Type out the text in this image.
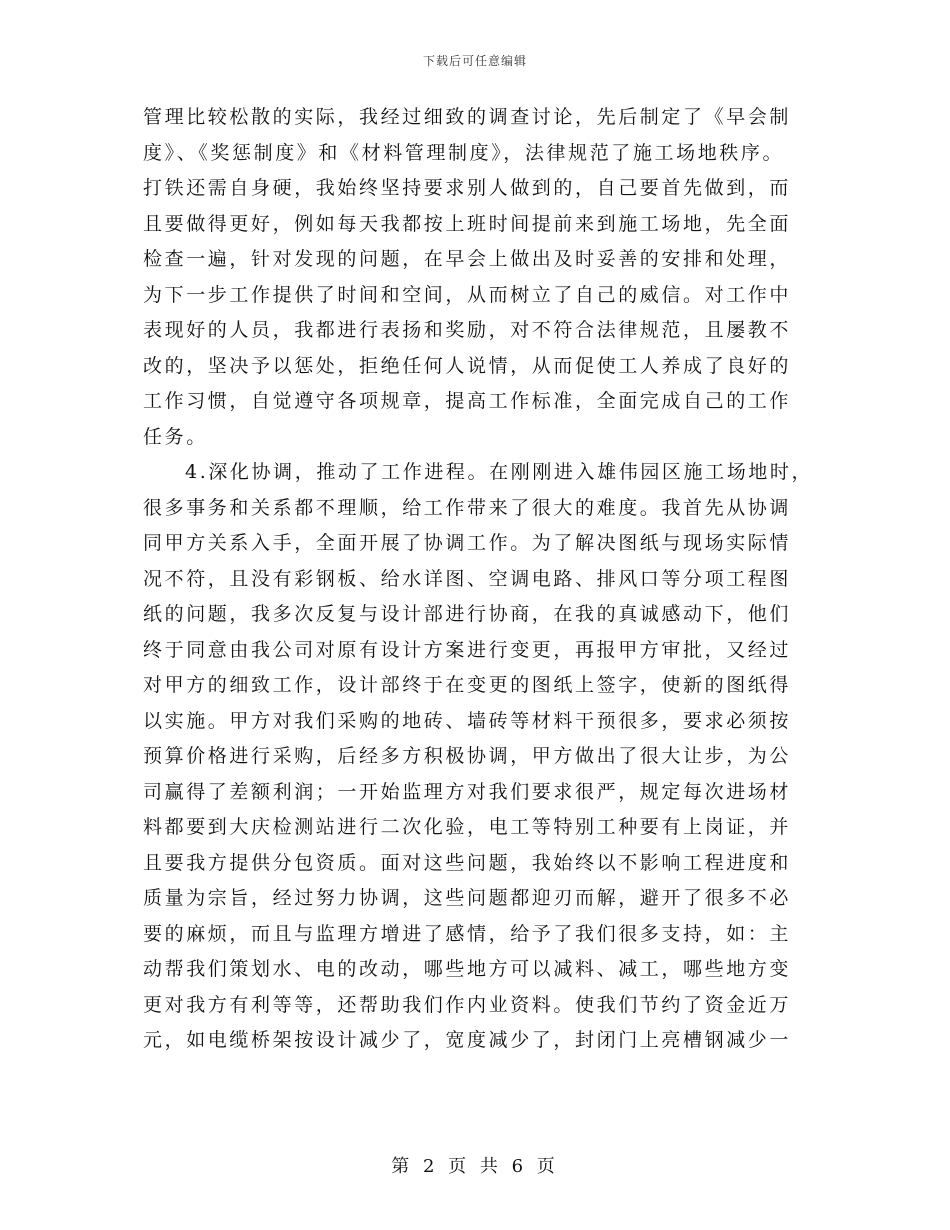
下载后可任意编辑
管理比较松散的实际，我经过细致的调查讨论，先后制定了《早会制
度》、《奖惩制度》和《材料管理制度》，法律规范了施工场地秩序。
打铁还需自身硬，我始终坚持要求别人做到的，自己要首先做到，而
且要做得更好，例如每天我都按上班时间提前来到施工场地，先全面
检查一遍，针对发现的问题，在早会上做出及时妥善的安排和处理，
为下一步工作提供了时间和空间，从而树立了自己的威信。对工作中
表现好的人员，我都进行表扬和奖励，对不符合法律规范，且屡教不
改的，坚决予以惩处，拒绝任何人说情，从而促使工人养成了良好的
工作习惯，自觉遵守各项规章，提高工作标准，全面完成自己的工作
任务。
4.深化协调，推动了工作进程。在刚刚进入雄伟园区施工场地时，
很多事务和关系都不理顺，给工作带来了很大的难度。我首先从协调
同甲方关系入手，全面开展了协调工作。为了解决图纸与现场实际情
况不符，且没有彩钢板、给水详图、空调电路、排风口等分项工程图
纸的问题，我多次反复与设计部进行协商，在我的真诚感动下，他们
终于同意由我公司对原有设计方案进行变更，再报甲方审批，又经过
对甲方的细致工作，设计部终于在变更的图纸上签字，使新的图纸得
以实施。甲方对我们采购的地砖、墙砖等材料干预很多，要求必须按
预算价格进行采购，后经多方积极协调，甲方做出了很大让步，为公
司赢得了差额利润；一开始监理方对我们要求很严，规定每次进场材
料都要到大庆检测站进行二次化验，电工等特别工种要有上岗证，并
且要我方提供分包资质。面对这些问题，我始终以不影响工程进度和
质量为宗旨，经过努力协调，这些问题都迎刃而解，避开了很多不必
要的麻烦，而且与监理方增进了感情，给予了我们很多支持，如：主
动帮我们策划水、电的改动，哪些地方可以减料、减工，哪些地方变
更对我方有利等等，还帮助我们作内业资料。使我们节约了资金近万
元，如电缆桥架按设计减少了，宽度减少了，封闭门上亮槽钢减少一
第 2 页 共 6 页
